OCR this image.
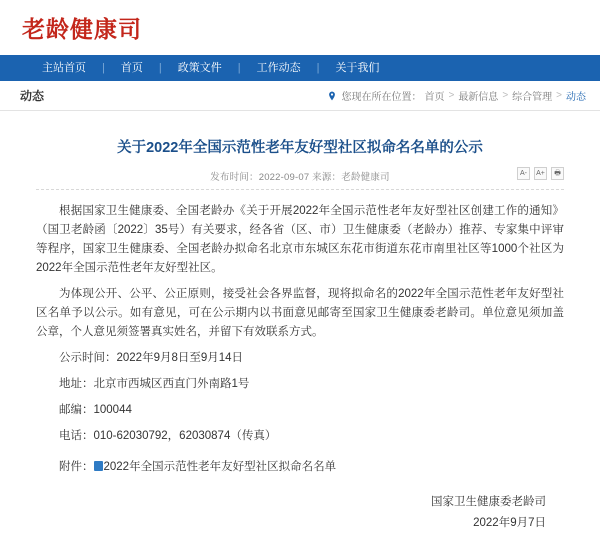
老龄健康司
主站首页	|	首页	|	政策文件	|	工作动态	|	关于我们
动态	您现在所在位置： 首页 > 最新信息 > 综合管理 > 动态
关于2022年全国示范性老年友好型社区拟命名名单的公示
发布时间：2022-09-07 来源：老龄健康司	A-	A+	🖶

根据国家卫生健康委、全国老龄办《关于开展2022年全国示范性老年友好型社区创建工作的通知》（国卫老龄函〔2022〕35号）有关要求，经各省（区、市）卫生健康委（老龄办）推荐、专家集中评审等程序，国家卫生健康委、全国老龄办拟命名北京市东城区东花市街道东花市南里社区等1000个社区为2022年全国示范性老年友好型社区。

为体现公开、公平、公正原则，接受社会各界监督，现将拟命名的2022年全国示范性老年友好型社区名单予以公示。如有意见，可在公示期内以书面意见邮寄至国家卫生健康委老龄司。单位意见须加盖公章，个人意见须签署真实姓名，并留下有效联系方式。

公示时间：2022年9月8日至9月14日

地址：北京市西城区西直门外南路1号

邮编：100044

电话：010-62030792，62030874（传真）

附件： 2022年全国示范性老年友好型社区拟命名名单
国家卫生健康委老龄司
2022年9月7日
